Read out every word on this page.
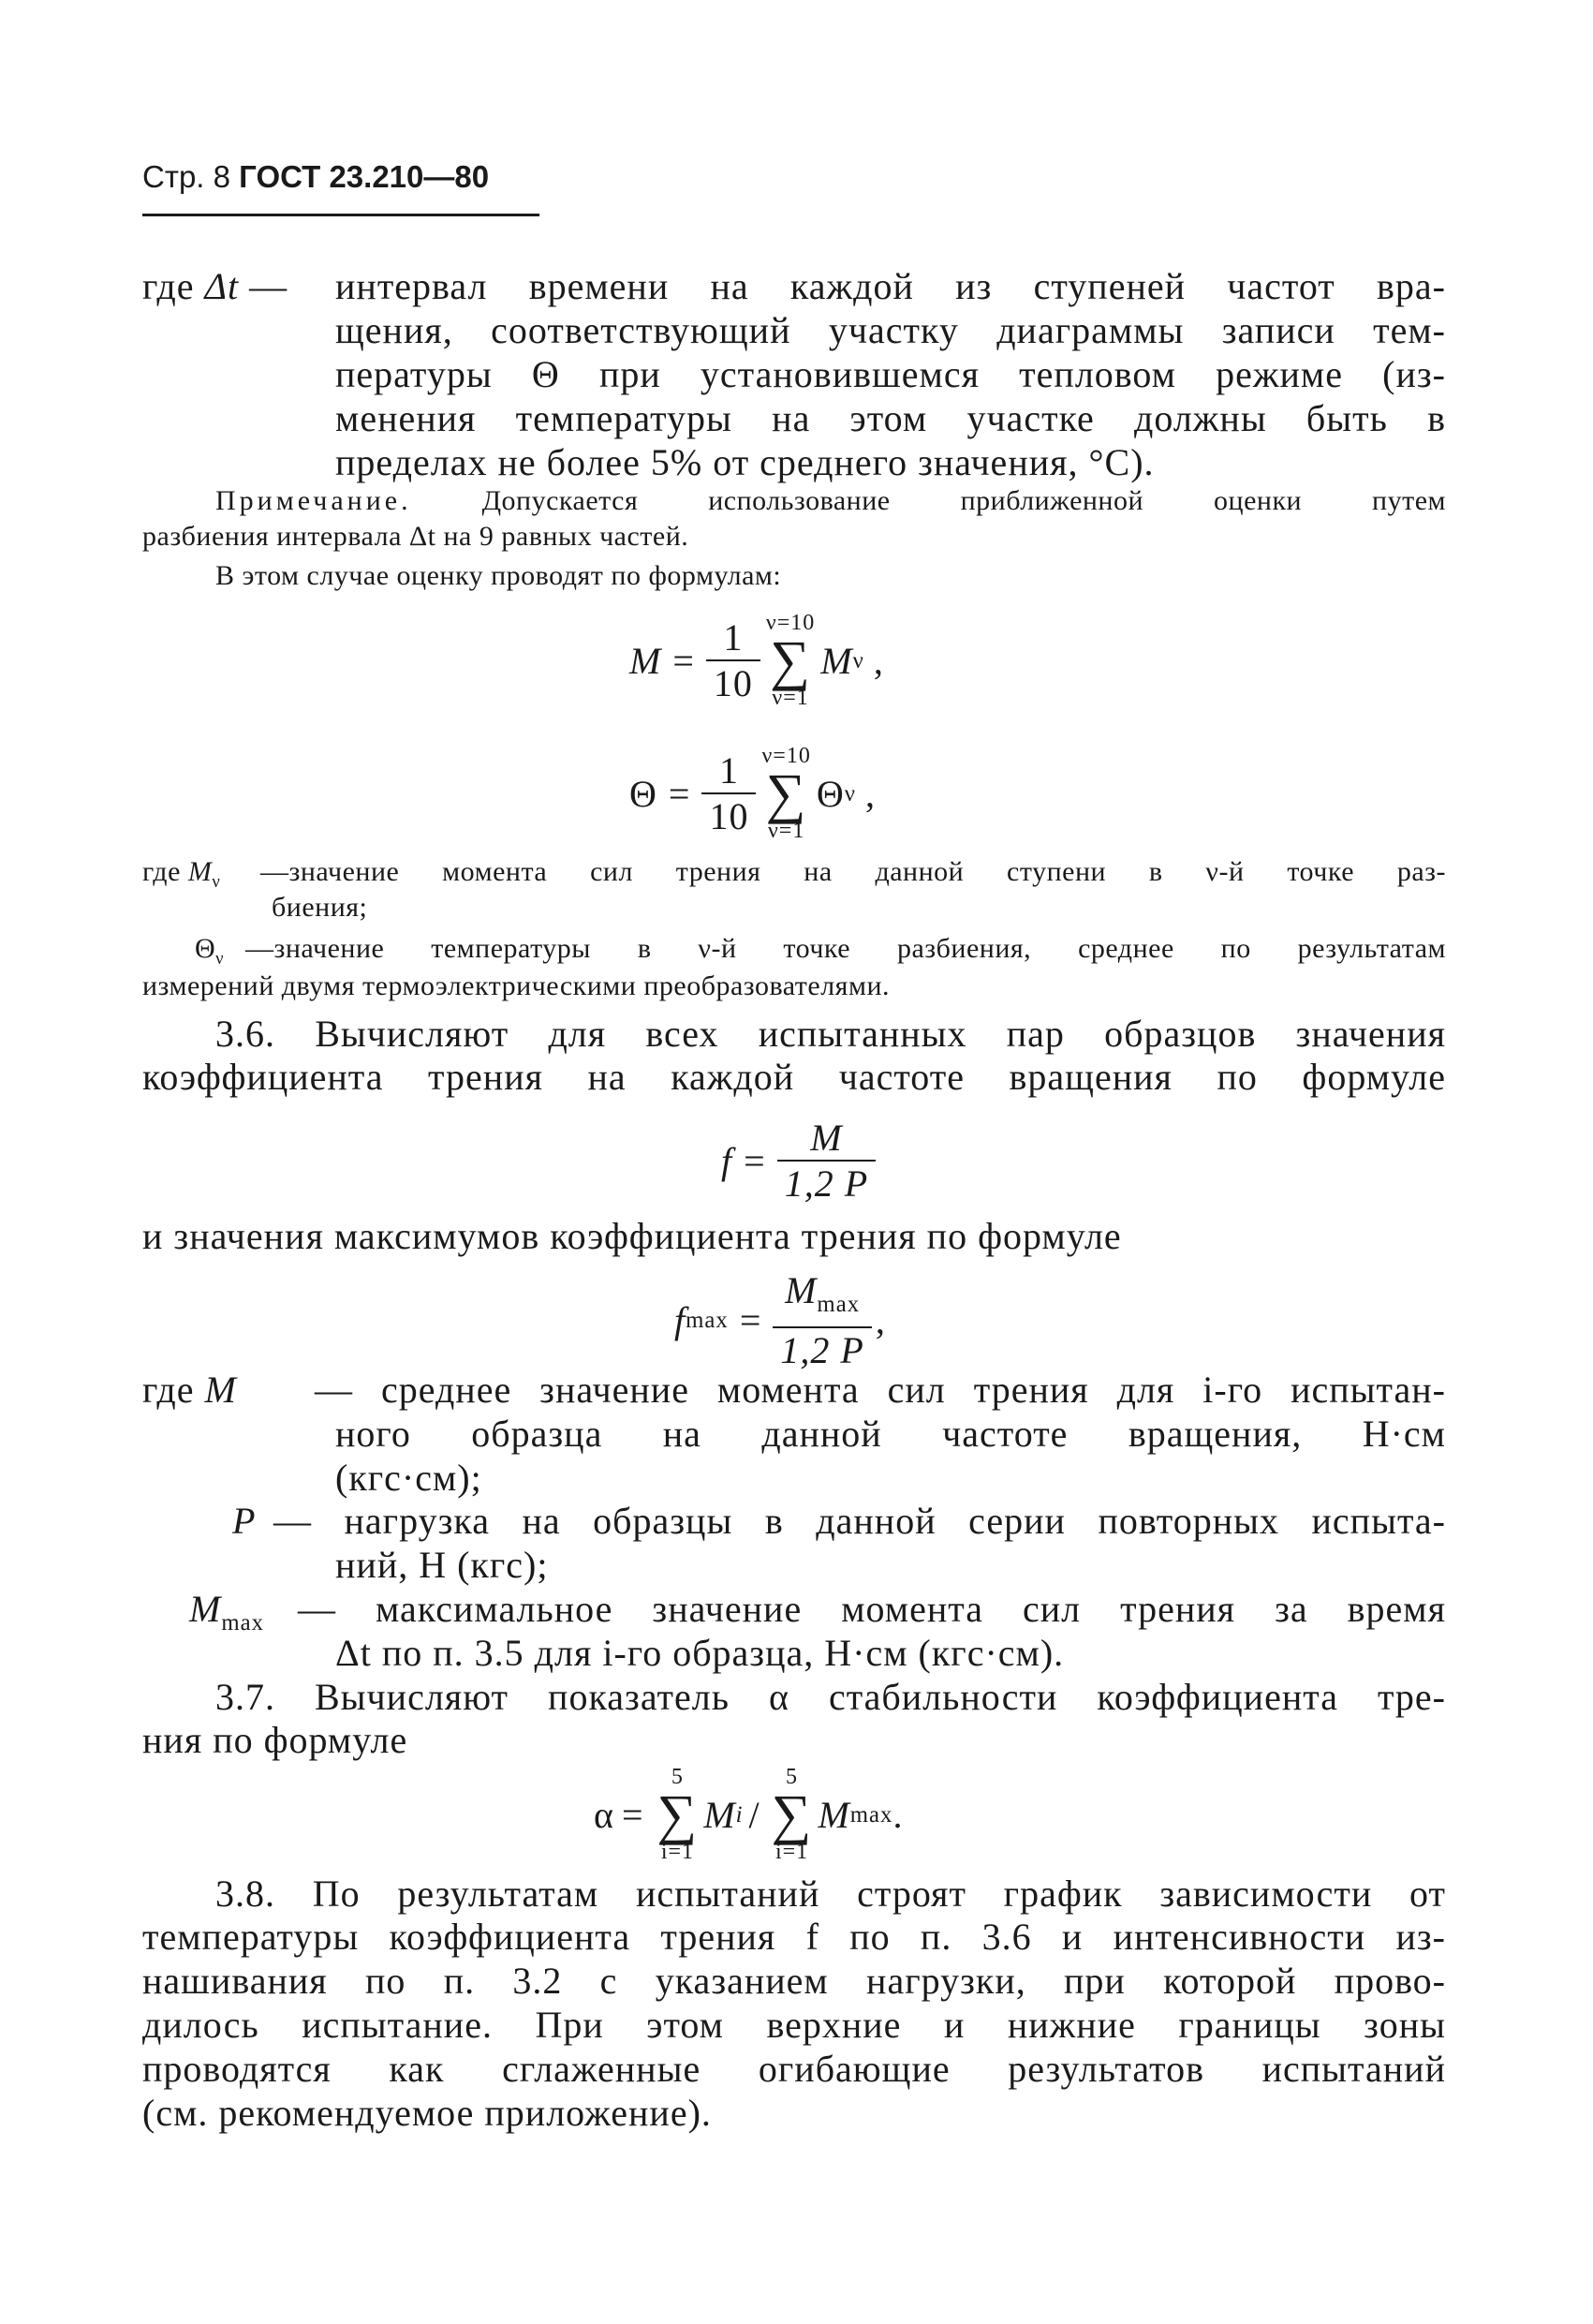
Стр. 8 ГОСТ 23.210—80
где Δt — интервал времени на каждой из ступеней частот вра-
щения, соответствующий участку диаграммы записи тем-
пературы Θ при установившемся тепловом режиме (из-
менения температуры на этом участке должны быть в
пределах не более 5% от среднего значения, °С).
Примечание. Допускается использование приближенной оценки путем
разбиения интервала Δt на 9 равных частей.
В этом случае оценку проводят по формулам:
$M = \frac{1}{10} \nu=10$
∑
ν=1
M ν ,
$\Theta = \frac{1}{10} \nu=10$
∑
ν=1
Θ ν ,
где $M_\nu$ —значение момента сил трения на данной ступени в ν-й точке раз-
биения;
$\Theta_\nu$ —значение температуры в ν-й точке разбиения, среднее по результатам
измерений двумя термоэлектрическими преобразователями.
3.6. Вычисляют для всех испытанных пар образцов значения
коэффициента трения на каждой частоте вращения по формуле
$f = \frac{M}{1,2 P}$
и значения максимумов коэффициента трения по формуле
f $\max = \frac{M_{max}}{1,2 P}$ ,
где M — среднее значение момента сил трения для i-го испытан-
ного образца на данной частоте вращения, Н·см
(кгс·см);
P — нагрузка на образцы в данной серии повторных испыта-
ний, Н (кгс);
$M_{max}$ — максимальное значение момента сил трения за время
Δt по п. 3.5 для i-го образца, Н·см (кгс·см).
3.7. Вычисляют показатель α стабильности коэффициента тре-
ния по формуле
α =
5
∑
i=1
M i /
5
∑
i=1
M max .
3.8. По результатам испытаний строят график зависимости от
температуры коэффициента трения f по п. 3.6 и интенсивности из-
нашивания по п. 3.2 с указанием нагрузки, при которой прово-
дилось испытание. При этом верхние и нижние границы зоны
проводятся как сглаженные огибающие результатов испытаний
(см. рекомендуемое приложение).
